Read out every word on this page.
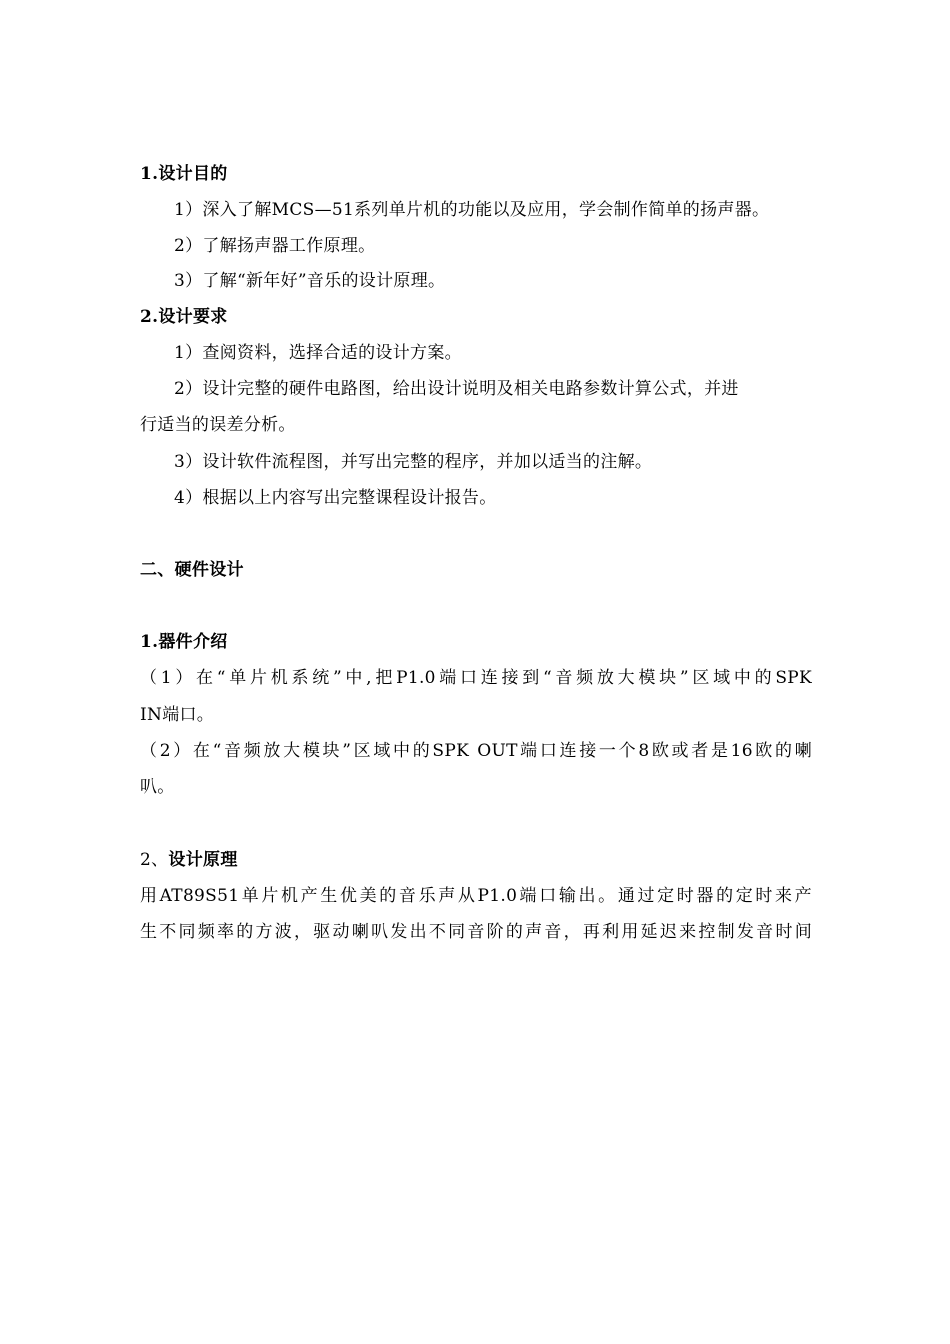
1.设计目的
1）深入了解MCS—51系列单片机的功能以及应用，学会制作简单的扬声器。
2）了解扬声器工作原理。
3）了解“新年好”音乐的设计原理。
2.设计要求
1）查阅资料，选择合适的设计方案。
2）设计完整的硬件电路图，给出设计说明及相关电路参数计算公式，并进
行适当的误差分析。
3）设计软件流程图，并写出完整的程序，并加以适当的注解。
4）根据以上内容写出完整课程设计报告。
二、硬件设计
1.器件介绍
（1）在“单片机系统”中,把P1.0端口连接到“音频放大模块”区域中的SPK
IN端口。
（2）在“音频放大模块”区域中的SPK OUT端口连接一个8欧或者是16欧的喇
叭。
2、设计原理
用AT89S51单片机产生优美的音乐声从P1.0端口输出。通过定时器的定时来产
生不同频率的方波，驱动喇叭发出不同音阶的声音，再利用延迟来控制发音时间
